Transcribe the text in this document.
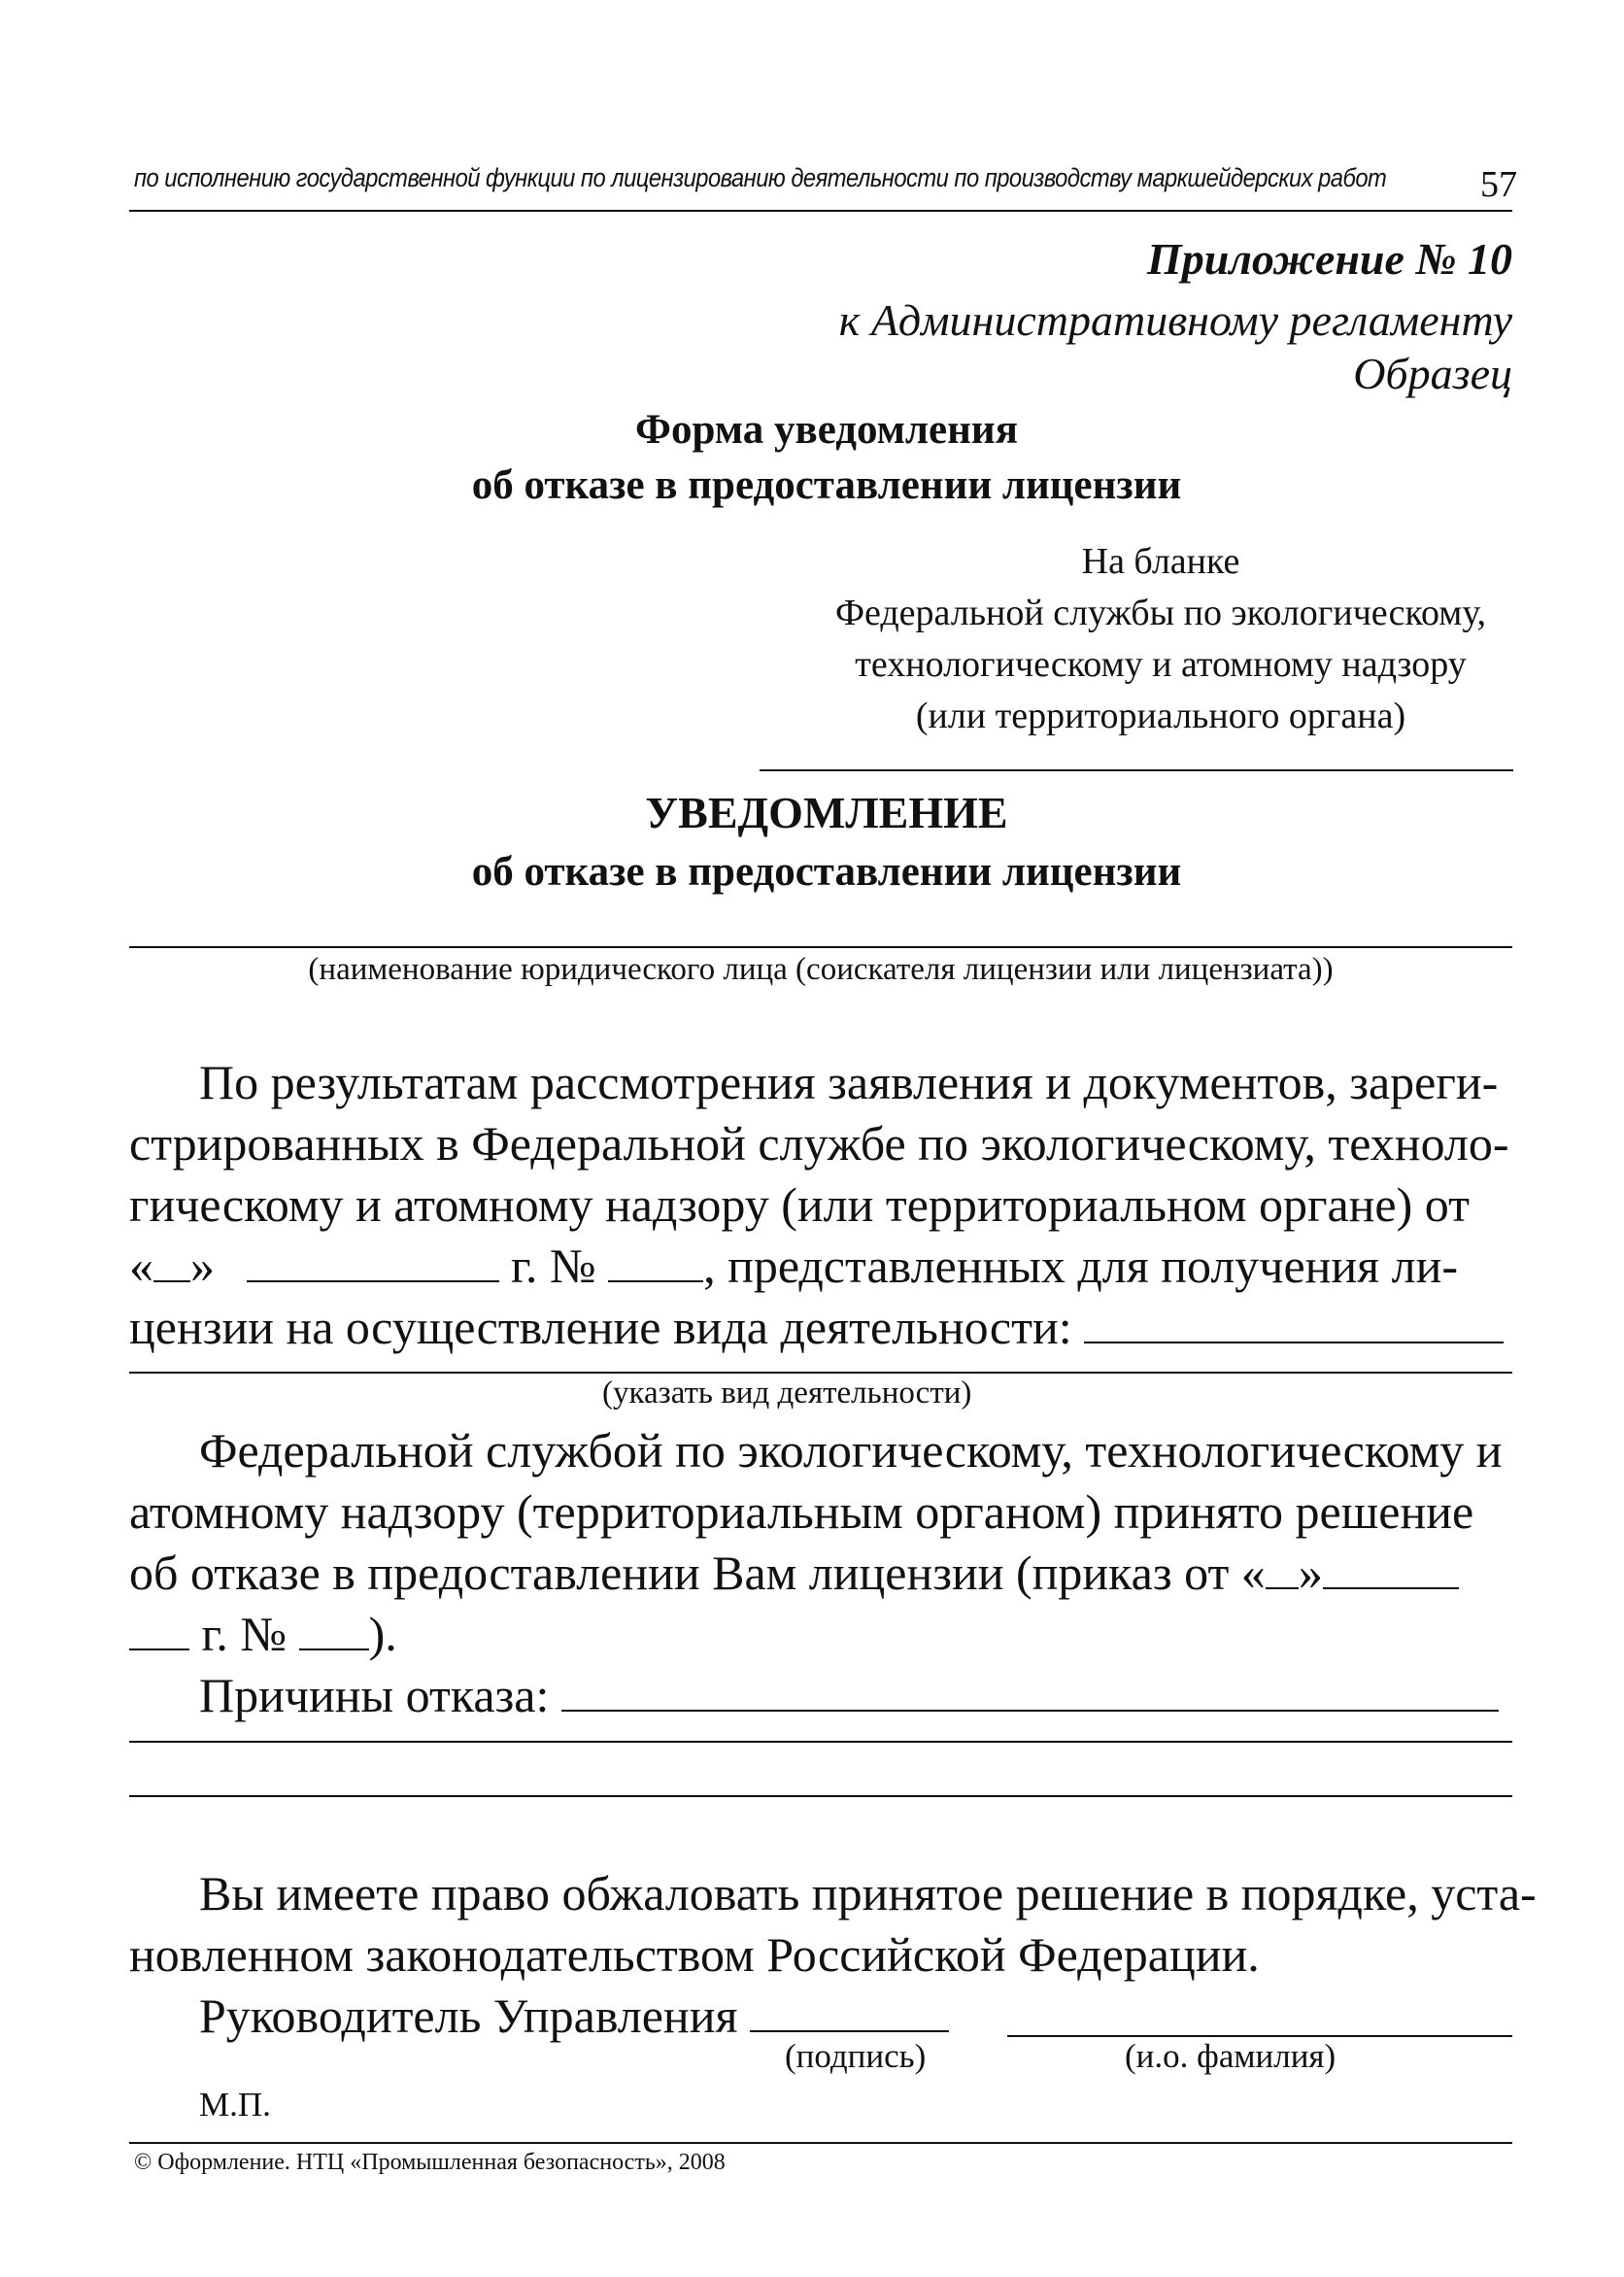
по исполнению государственной функции по лицензированию деятельности по производству маркшейдерских работ	57
Приложение № 10
к Административному регламенту
Образец
Форма уведомления
об отказе в предоставлении лицензии
На бланке
Федеральной службы по экологическому,
технологическому и атомному надзору
(или территориального органа)
УВЕДОМЛЕНИЕ
об отказе в предоставлении лицензии
(наименование юридического лица (соискателя лицензии или лицензиата))
По результатам рассмотрения заявления и документов, зареги-
стрированных в Федеральной службе по экологическому, техноло-
гическому и атомному надзору (или территориальном органе) от
« »	г. № , представленных для получения ли-
цензии на осуществление вида деятельности:
(указать вид деятельности)
Федеральной службой по экологическому, технологическому и
атомному надзору (территориальным органом) принято решение
об отказе в предоставлении Вам лицензии (приказ от « »
г. № ).
Причины отказа:
Вы имеете право обжаловать принятое решение в порядке, уста-
новленном законодательством Российской Федерации.
Руководитель Управления
(подпись)	(и.о. фамилия)
М.П.
© Оформление. НТЦ «Промышленная безопасность», 2008
